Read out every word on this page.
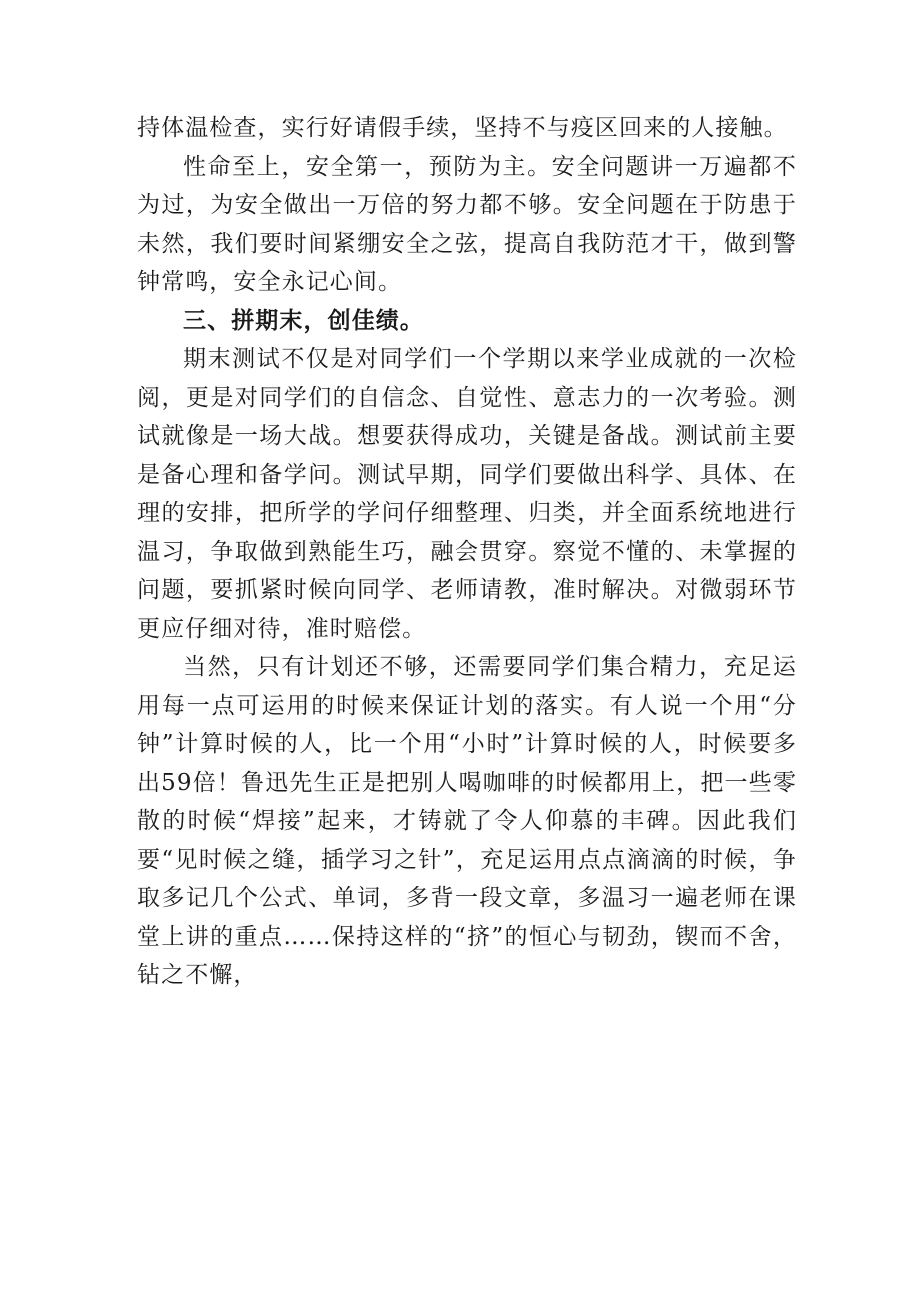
持体温检查，实行好请假手续，坚持不与疫区回来的人接触。

性命至上，安全第一，预防为主。安全问题讲一万遍都不为过，为安全做出一万倍的努力都不够。安全问题在于防患于未然，我们要时间紧绷安全之弦，提高自我防范才干，做到警钟常鸣，安全永记心间。

三、拼期末，创佳绩。

期末测试不仅是对同学们一个学期以来学业成就的一次检阅，更是对同学们的自信念、自觉性、意志力的一次考验。测试就像是一场大战。想要获得成功，关键是备战。测试前主要是备心理和备学问。测试早期，同学们要做出科学、具体、在理的安排，把所学的学问仔细整理、归类，并全面系统地进行温习，争取做到熟能生巧，融会贯穿。察觉不懂的、未掌握的问题，要抓紧时候向同学、老师请教，准时解决。对微弱环节更应仔细对待，准时赔偿。

当然，只有计划还不够，还需要同学们集合精力，充足运用每一点可运用的时候来保证计划的落实。有人说一个用“分钟”计算时候的人，比一个用“小时”计算时候的人，时候要多出59倍！鲁迅先生正是把别人喝咖啡的时候都用上，把一些零散的时候“焊接”起来，才铸就了令人仰慕的丰碑。因此我们要“见时候之缝，插学习之针”，充足运用点点滴滴的时候，争取多记几个公式、单词，多背一段文章，多温习一遍老师在课堂上讲的重点……保持这样的“挤”的恒心与韧劲，锲而不舍，钻之不懈，
